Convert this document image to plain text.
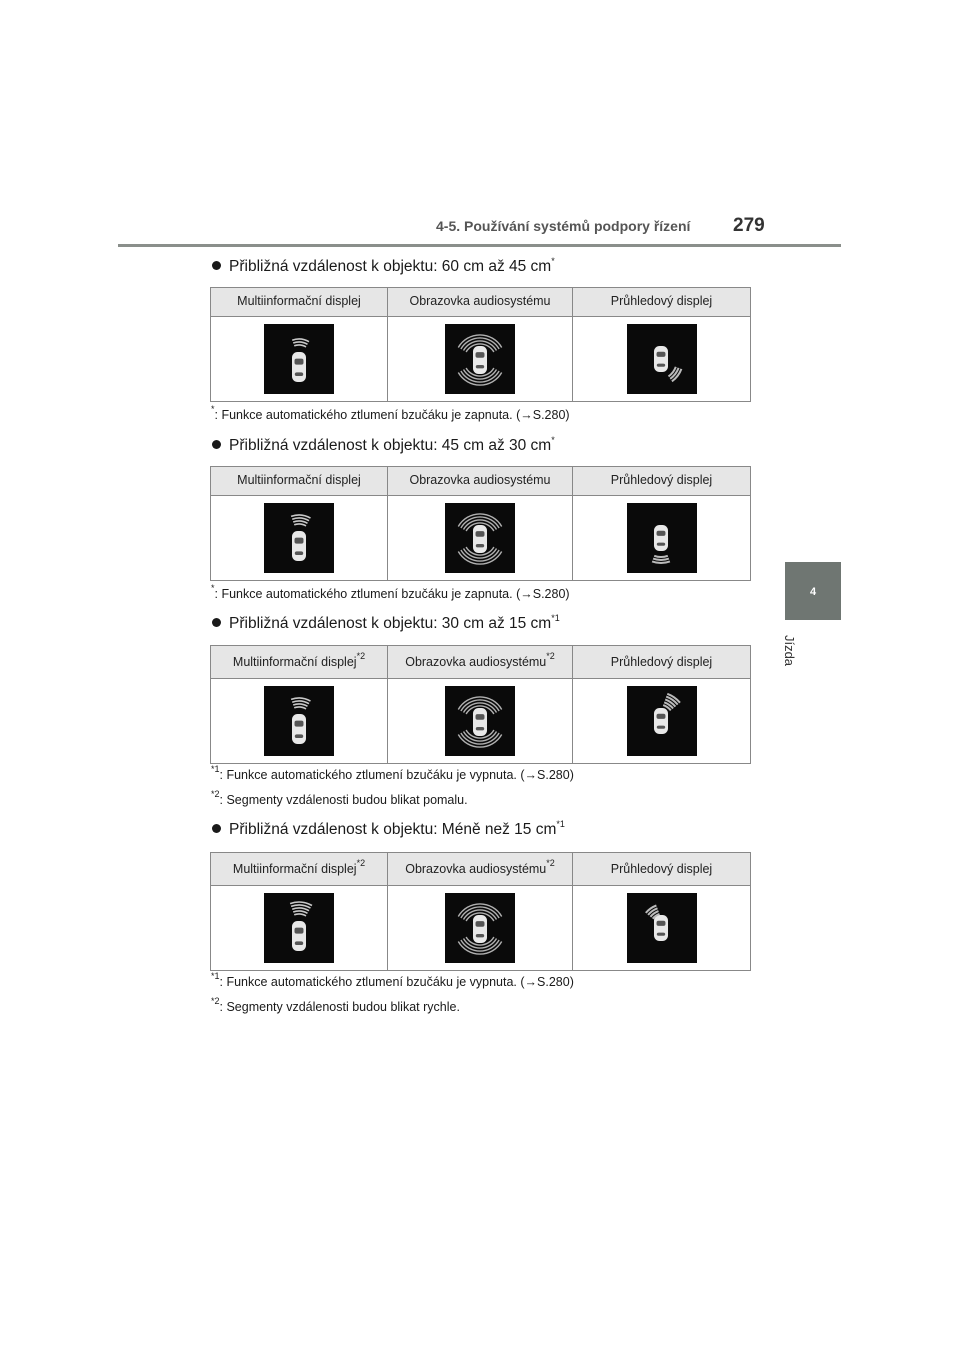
4-5. Používání systémů podpory řízení 279
4
Jízda
Přibližná vzdálenost k objektu: 60 cm až 45 cm*
Multiinformační displej	Obrazovka audiosystému	Průhledový displej
*: Funkce automatického ztlumení bzučáku je zapnuta. (→S.280)
Přibližná vzdálenost k objektu: 45 cm až 30 cm*
Multiinformační displej	Obrazovka audiosystému	Průhledový displej
*: Funkce automatického ztlumení bzučáku je zapnuta. (→S.280)
Přibližná vzdálenost k objektu: 30 cm až 15 $cm^{*1}$
Multiinformační displej$^{*2}$	Obrazovka audiosystému$^{*2}$	Průhledový displej
$^{*1}$: Funkce automatického ztlumení bzučáku je vypnuta. (→S.280)
$^{*2}$: Segmenty vzdálenosti budou blikat pomalu.
Přibližná vzdálenost k objektu: Méně než 15 $cm^{*1}$
Multiinformační displej$^{*2}$	Obrazovka audiosystému$^{*2}$	Průhledový displej
$^{*1}$: Funkce automatického ztlumení bzučáku je vypnuta. (→S.280)
$^{*2}$: Segmenty vzdálenosti budou blikat rychle.
